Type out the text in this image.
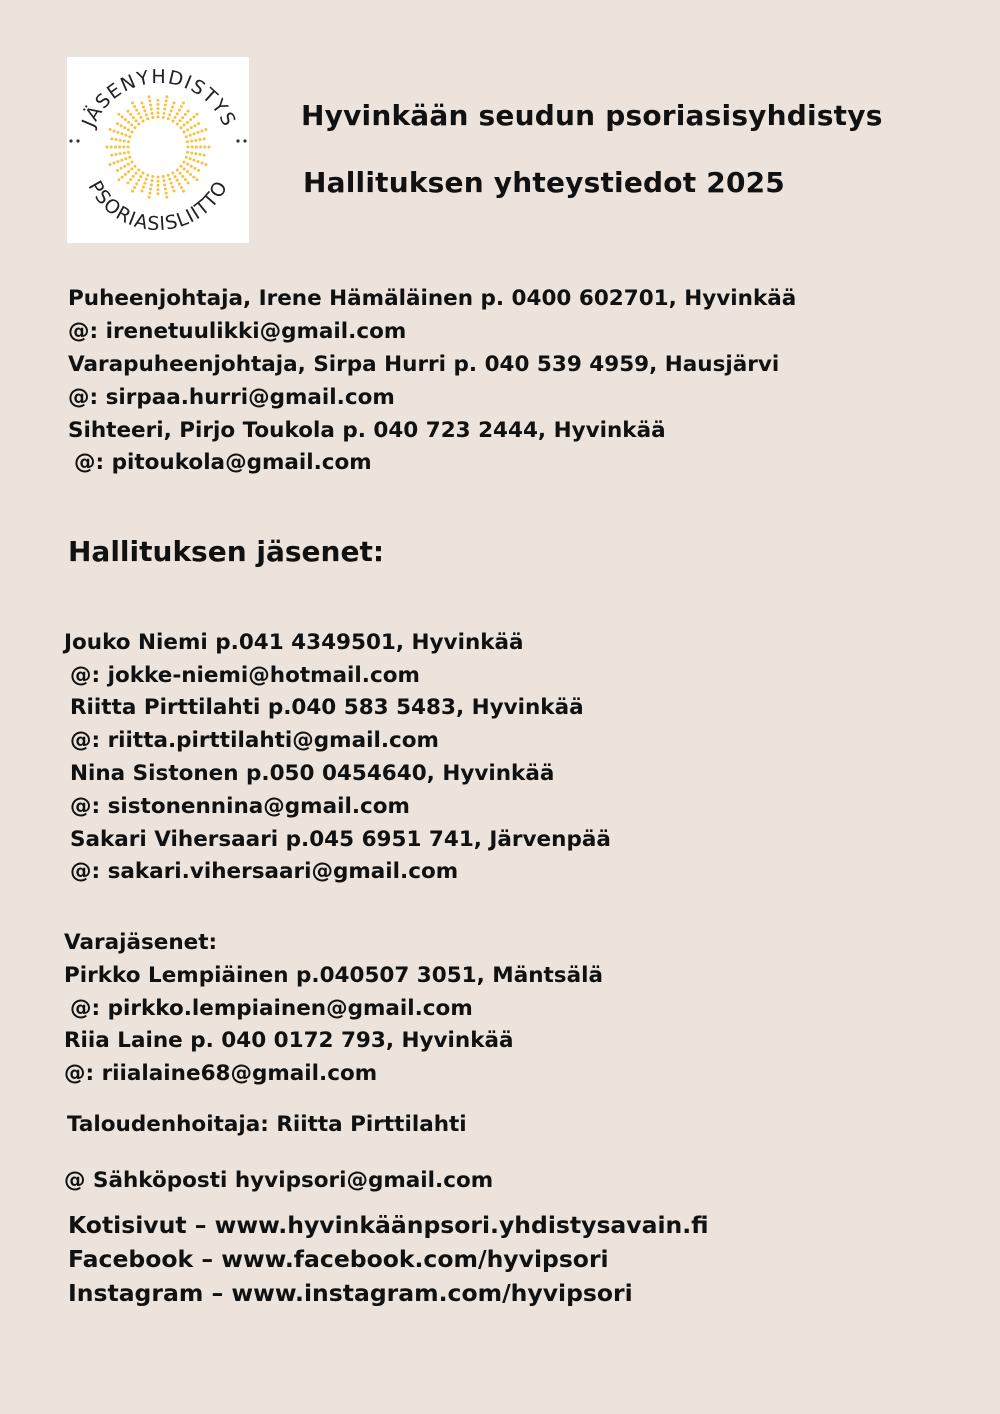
JÄSENYHDISTYS
PSORIASISLIITTO
Hyvinkään seudun psoriasisyhdistys
Hallituksen yhteystiedot 2025
Puheenjohtaja, Irene Hämäläinen p. 0400 602701, Hyvinkää
@: irenetuulikki@gmail.com
Varapuheenjohtaja, Sirpa Hurri p. 040 539 4959, Hausjärvi
@: sirpaa.hurri@gmail.com
Sihteeri, Pirjo Toukola p. 040 723 2444, Hyvinkää
@: pitoukola@gmail.com
Hallituksen jäsenet:
Jouko Niemi p.041 4349501, Hyvinkää
@: jokke-niemi@hotmail.com
Riitta Pirttilahti p.040 583 5483, Hyvinkää
@: riitta.pirttilahti@gmail.com
Nina Sistonen p.050 0454640, Hyvinkää
@: sistonennina@gmail.com
Sakari Vihersaari p.045 6951 741, Järvenpää
@: sakari.vihersaari@gmail.com
Varajäsenet:
Pirkko Lempiäinen p.040507 3051, Mäntsälä
@: pirkko.lempiainen@gmail.com
Riia Laine p. 040 0172 793, Hyvinkää
@: riialaine68@gmail.com
Taloudenhoitaja: Riitta Pirttilahti
@ Sähköposti hyvipsori@gmail.com
Kotisivut – www.hyvinkäänpsori.yhdistysavain.fi
Facebook – www.facebook.com/hyvipsori
Instagram – www.instagram.com/hyvipsori
